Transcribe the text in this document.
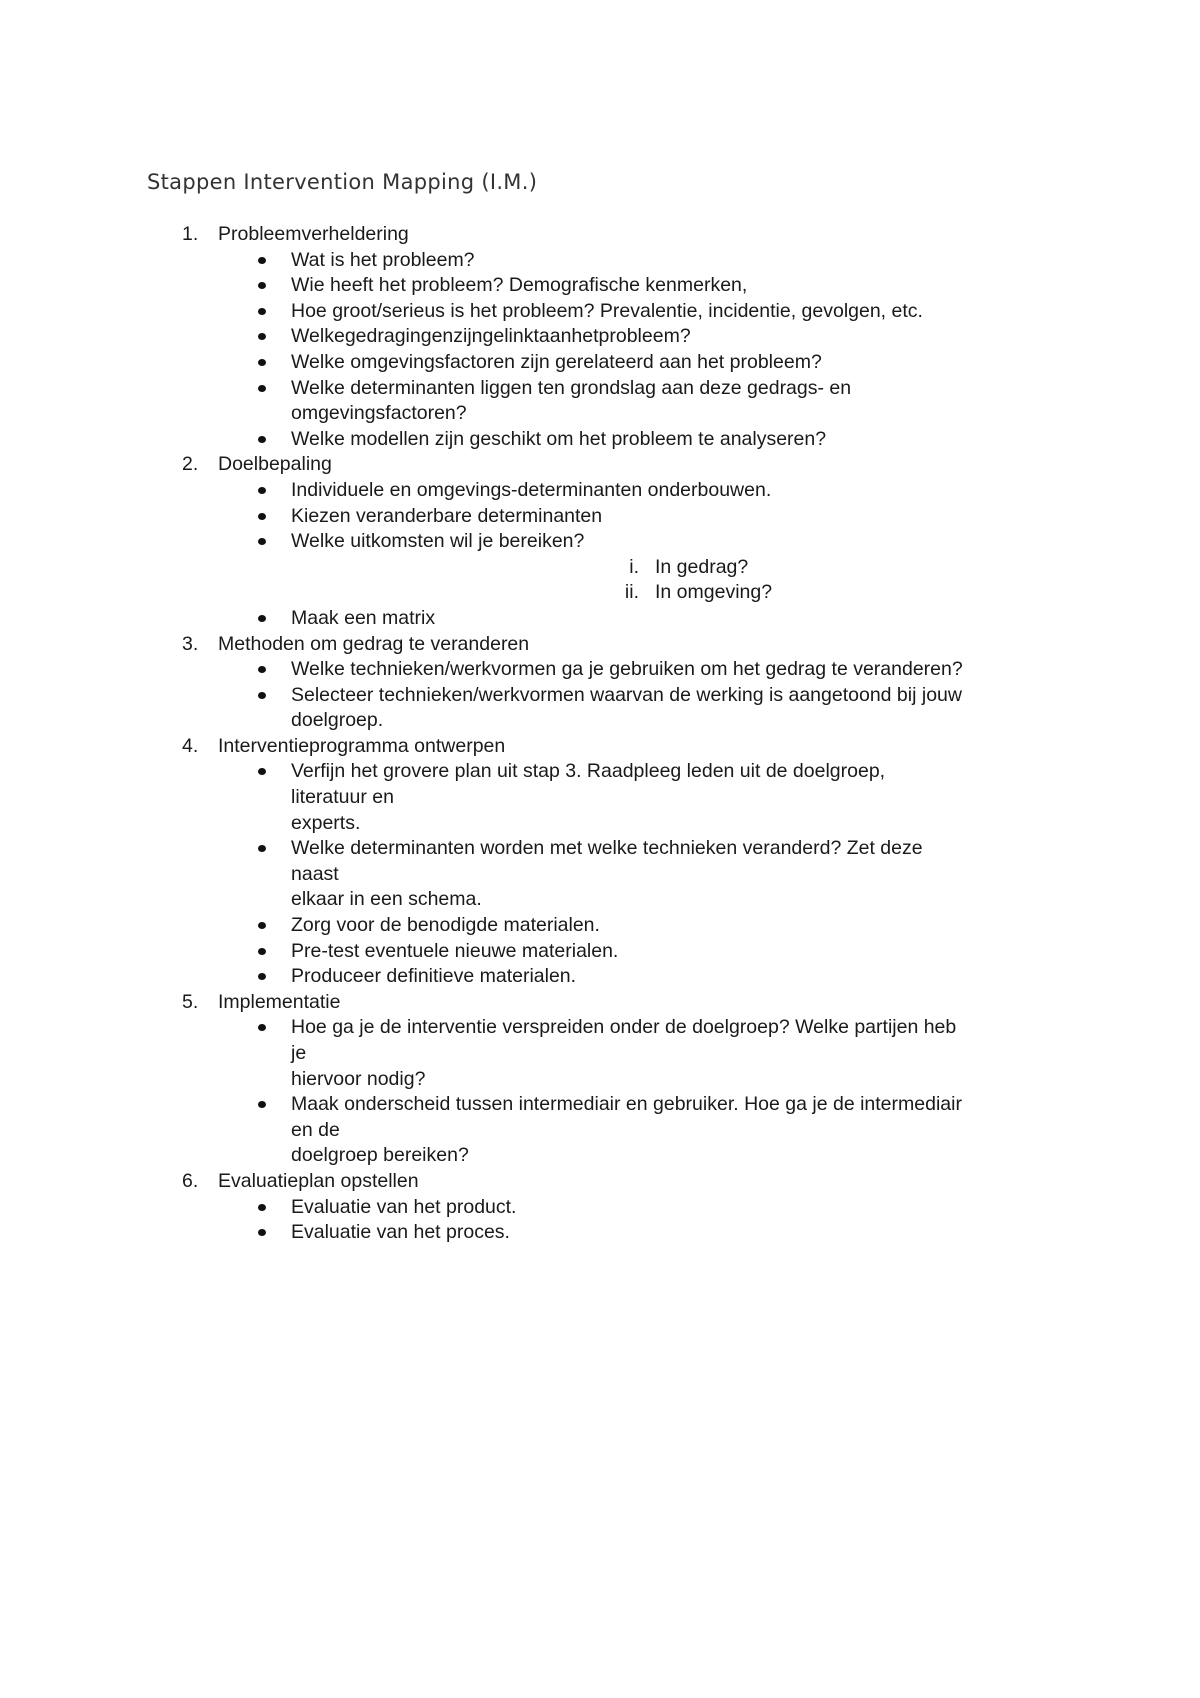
Stappen Intervention Mapping (I.M.)
1. Probleemverheldering
Wat is het probleem?
Wie heeft het probleem? Demografische kenmerken,
Hoe groot/serieus is het probleem? Prevalentie, incidentie, gevolgen, etc.
Welkegedragingenzijngelinktaanhetprobleem?
Welke omgevingsfactoren zijn gerelateerd aan het probleem?
Welke determinanten liggen ten grondslag aan deze gedrags- en
omgevingsfactoren?
Welke modellen zijn geschikt om het probleem te analyseren?
2. Doelbepaling
Individuele en omgevings-determinanten onderbouwen.
Kiezen veranderbare determinanten
Welke uitkomsten wil je bereiken?
i. In gedrag?
ii. In omgeving?
Maak een matrix
3. Methoden om gedrag te veranderen
Welke technieken/werkvormen ga je gebruiken om het gedrag te veranderen?
Selecteer technieken/werkvormen waarvan de werking is aangetoond bij jouw
doelgroep.
4. Interventieprogramma ontwerpen
Verfijn het grovere plan uit stap 3. Raadpleeg leden uit de doelgroep,
literatuur en
experts.
Welke determinanten worden met welke technieken veranderd? Zet deze
naast
elkaar in een schema.
Zorg voor de benodigde materialen.
Pre-test eventuele nieuwe materialen.
Produceer definitieve materialen.
5. Implementatie
Hoe ga je de interventie verspreiden onder de doelgroep? Welke partijen heb
je
hiervoor nodig?
Maak onderscheid tussen intermediair en gebruiker. Hoe ga je de intermediair
en de
doelgroep bereiken?
6. Evaluatieplan opstellen
Evaluatie van het product.
Evaluatie van het proces.
